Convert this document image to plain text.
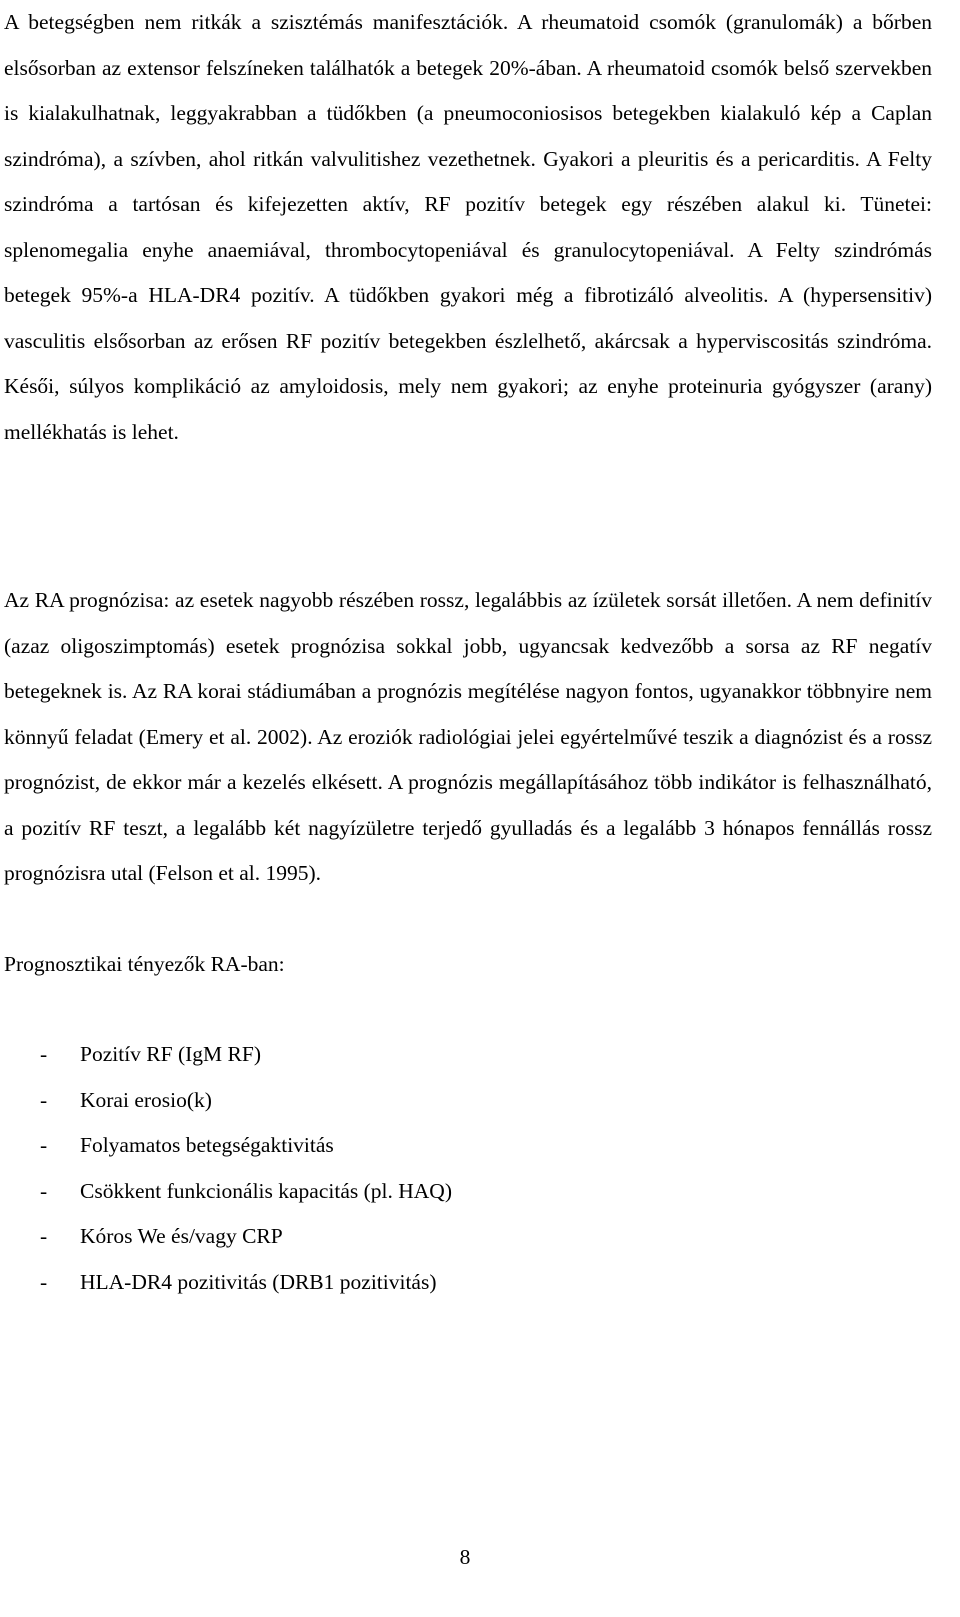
A betegségben nem ritkák a szisztémás manifesztációk. A rheumatoid csomók (granulomák) a bőrben elsősorban az extensor felszíneken találhatók a betegek 20%-ában. A rheumatoid csomók belső szervekben is kialakulhatnak, leggyakrabban a tüdőkben (a pneumoconiosisos betegekben kialakuló kép a Caplan szindróma), a szívben, ahol ritkán valvulitishez vezethetnek. Gyakori a pleuritis és a pericarditis. A Felty szindróma a tartósan és kifejezetten aktív, RF pozitív betegek egy részében alakul ki. Tünetei: splenomegalia enyhe anaemiával, thrombocytopeniával és granulocytopeniával. A Felty szindrómás betegek 95%-a HLA-DR4 pozitív. A tüdőkben gyakori még a fibrotizáló alveolitis. A (hypersensitiv) vasculitis elsősorban az erősen RF pozitív betegekben észlelhető, akárcsak a hyperviscositás szindróma. Késői, súlyos komplikáció az amyloidosis, mely nem gyakori; az enyhe proteinuria gyógyszer (arany) mellékhatás is lehet.

Az RA prognózisa: az esetek nagyobb részében rossz, legalábbis az ízületek sorsát illetően. A nem definitív (azaz oligoszimptomás) esetek prognózisa sokkal jobb, ugyancsak kedvezőbb a sorsa az RF negatív betegeknek is. Az RA korai stádiumában a prognózis megítélése nagyon fontos, ugyanakkor többnyire nem könnyű feladat (Emery et al. 2002). Az eroziók radiológiai jelei egyértelművé teszik a diagnózist és a rossz prognózist, de ekkor már a kezelés elkésett. A prognózis megállapításához több indikátor is felhasználható, a pozitív RF teszt, a legalább két nagyízületre terjedő gyulladás és a legalább 3 hónapos fennállás rossz prognózisra utal (Felson et al. 1995).

Prognosztikai tényezők RA-ban:
- Pozitív RF (IgM RF)
- Korai erosio(k)
- Folyamatos betegségaktivitás
- Csökkent funkcionális kapacitás (pl. HAQ)
- Kóros We és/vagy CRP
- HLA-DR4 pozitivitás (DRB1 pozitivitás)
8
